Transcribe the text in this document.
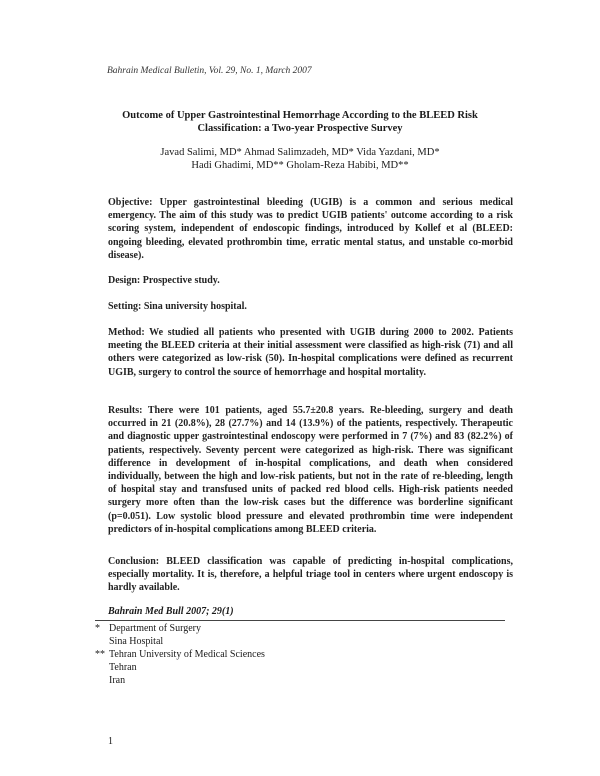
Bahrain Medical Bulletin, Vol. 29, No. 1, March 2007
Outcome of Upper Gastrointestinal Hemorrhage According to the BLEED Risk
Classification: a Two-year Prospective Survey
Javad Salimi, MD* Ahmad Salimzadeh, MD* Vida Yazdani, MD*
Hadi Ghadimi, MD** Gholam-Reza Habibi, MD**

Objective: Upper gastrointestinal bleeding (UGIB) is a common and serious medical emergency. The aim of this study was to predict UGIB patients' outcome according to a risk scoring system, independent of endoscopic findings, introduced by Kollef et al (BLEED: ongoing bleeding, elevated prothrombin time, erratic mental status, and unstable co-morbid disease).

Design: Prospective study.

Setting: Sina university hospital.

Method: We studied all patients who presented with UGIB during 2000 to 2002. Patients meeting the BLEED criteria at their initial assessment were classified as high-risk (71) and all others were categorized as low-risk (50). In-hospital complications were defined as recurrent UGIB, surgery to control the source of hemorrhage and hospital mortality.

Results: There were 101 patients, aged 55.7±20.8 years. Re-bleeding, surgery and death occurred in 21 (20.8%), 28 (27.7%) and 14 (13.9%) of the patients, respectively. Therapeutic and diagnostic upper gastrointestinal endoscopy were performed in 7 (7%) and 83 (82.2%) of patients, respectively. Seventy percent were categorized as high-risk. There was significant difference in development of in-hospital complications, and death when considered individually, between the high and low-risk patients, but not in the rate of re-bleeding, length of hospital stay and transfused units of packed red blood cells. High-risk patients needed surgery more often than the low-risk cases but the difference was borderline significant (p=0.051). Low systolic blood pressure and elevated prothrombin time were independent predictors of in-hospital complications among BLEED criteria.

Conclusion: BLEED classification was capable of predicting in-hospital complications, especially mortality. It is, therefore, a helpful triage tool in centers where urgent endoscopy is hardly available.

Bahrain Med Bull 2007; 29(1)
* Department of Surgery
Sina Hospital
** Tehran University of Medical Sciences
Tehran
Iran
1
